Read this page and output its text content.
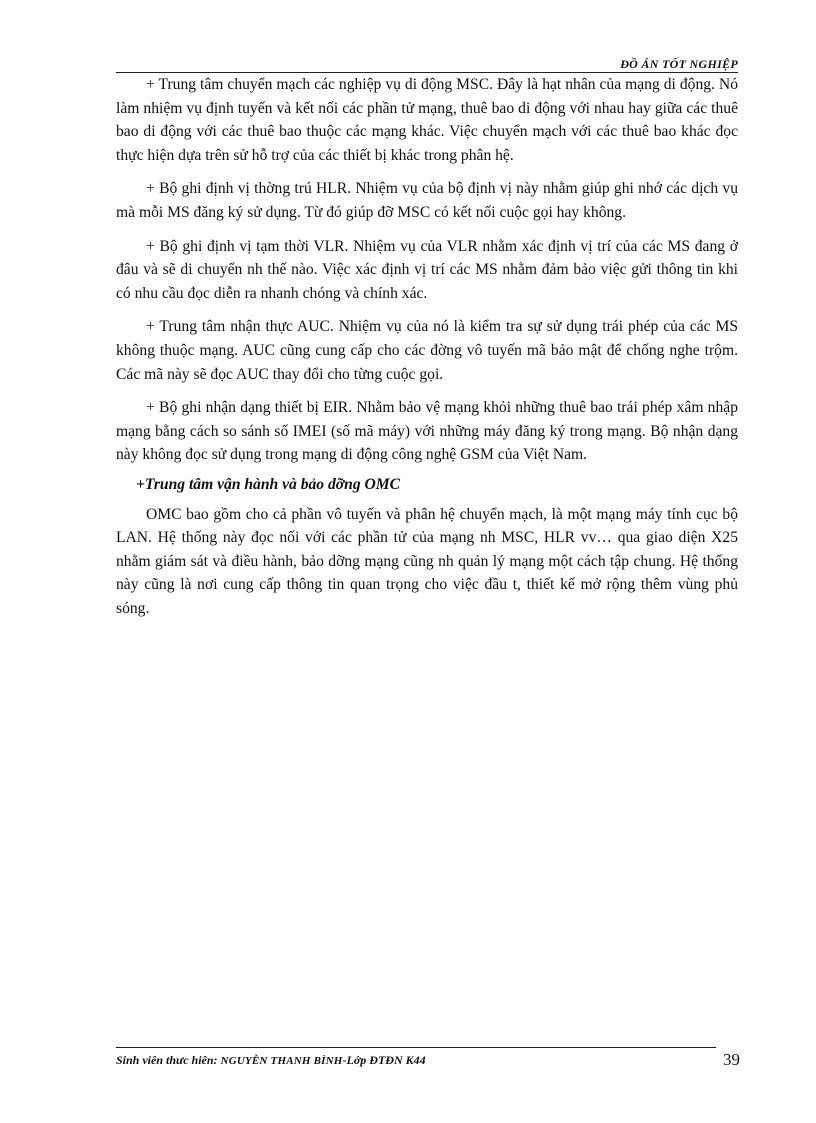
ĐỒ ÁN TỐT NGHIỆP

+ Trung tâm chuyển mạch các nghiệp vụ di động MSC. Đây là hạt nhân của mạng di động. Nó làm nhiệm vụ định tuyến và kết nối các phần tử mạng, thuê bao di động với nhau hay giữa các thuê bao di động với các thuê bao thuộc các mạng khác. Việc chuyển mạch với các thuê bao khác đọc thực hiện dựa trên sử hỗ trợ của các thiết bị khác trong phân hệ.

+ Bộ ghi định vị thờng trú HLR. Nhiệm vụ của bộ định vị này nhằm giúp ghi nhớ các dịch vụ mà mỗi MS đăng ký sử dụng. Từ đó giúp đỡ MSC có kết nối cuộc gọi hay không.

+ Bộ ghi định vị tạm thời VLR. Nhiệm vụ của VLR nhằm xác định vị trí của các MS đang ở đâu và sẽ di chuyển nh thế nào. Việc xác định vị trí các MS nhằm đảm bảo việc gửi thông tin khi có nhu cầu đọc diễn ra nhanh chóng và chính xác.

+ Trung tâm nhận thực AUC. Nhiệm vụ của nó là kiểm tra sự sử dụng trái phép của các MS không thuộc mạng. AUC cũng cung cấp cho các đờng vô tuyến mã bảo mật để chống nghe trộm. Các mã này sẽ đọc AUC thay đổi cho từng cuộc gọi.

+ Bộ ghi nhận dạng thiết bị EIR. Nhằm bảo vệ mạng khỏi những thuê bao trái phép xâm nhập mạng bằng cách so sánh số IMEI (số mã máy) với những máy đăng ký trong mạng. Bộ nhận dạng này không đọc sử dụng trong mạng di động công nghệ GSM của Việt Nam.

+Trung tâm vận hành và bảo dỡng OMC

OMC bao gồm cho cả phần vô tuyến và phân hệ chuyển mạch, là một mạng máy tính cục bộ LAN. Hệ thống này đọc nối với các phần tử của mạng nh MSC, HLR vv… qua giao diện X25 nhằm giám sát và điều hành, bảo dỡng mạng cũng nh quản lý mạng một cách tập chung. Hệ thống này cũng là nơi cung cấp thông tin quan trọng cho việc đầu t, thiết kế mở rộng thêm vùng phủ sóng.

Sinh viên thưc hiên: NGUYỄN THANH BÌNH-Lớp ĐTĐN K44	39
